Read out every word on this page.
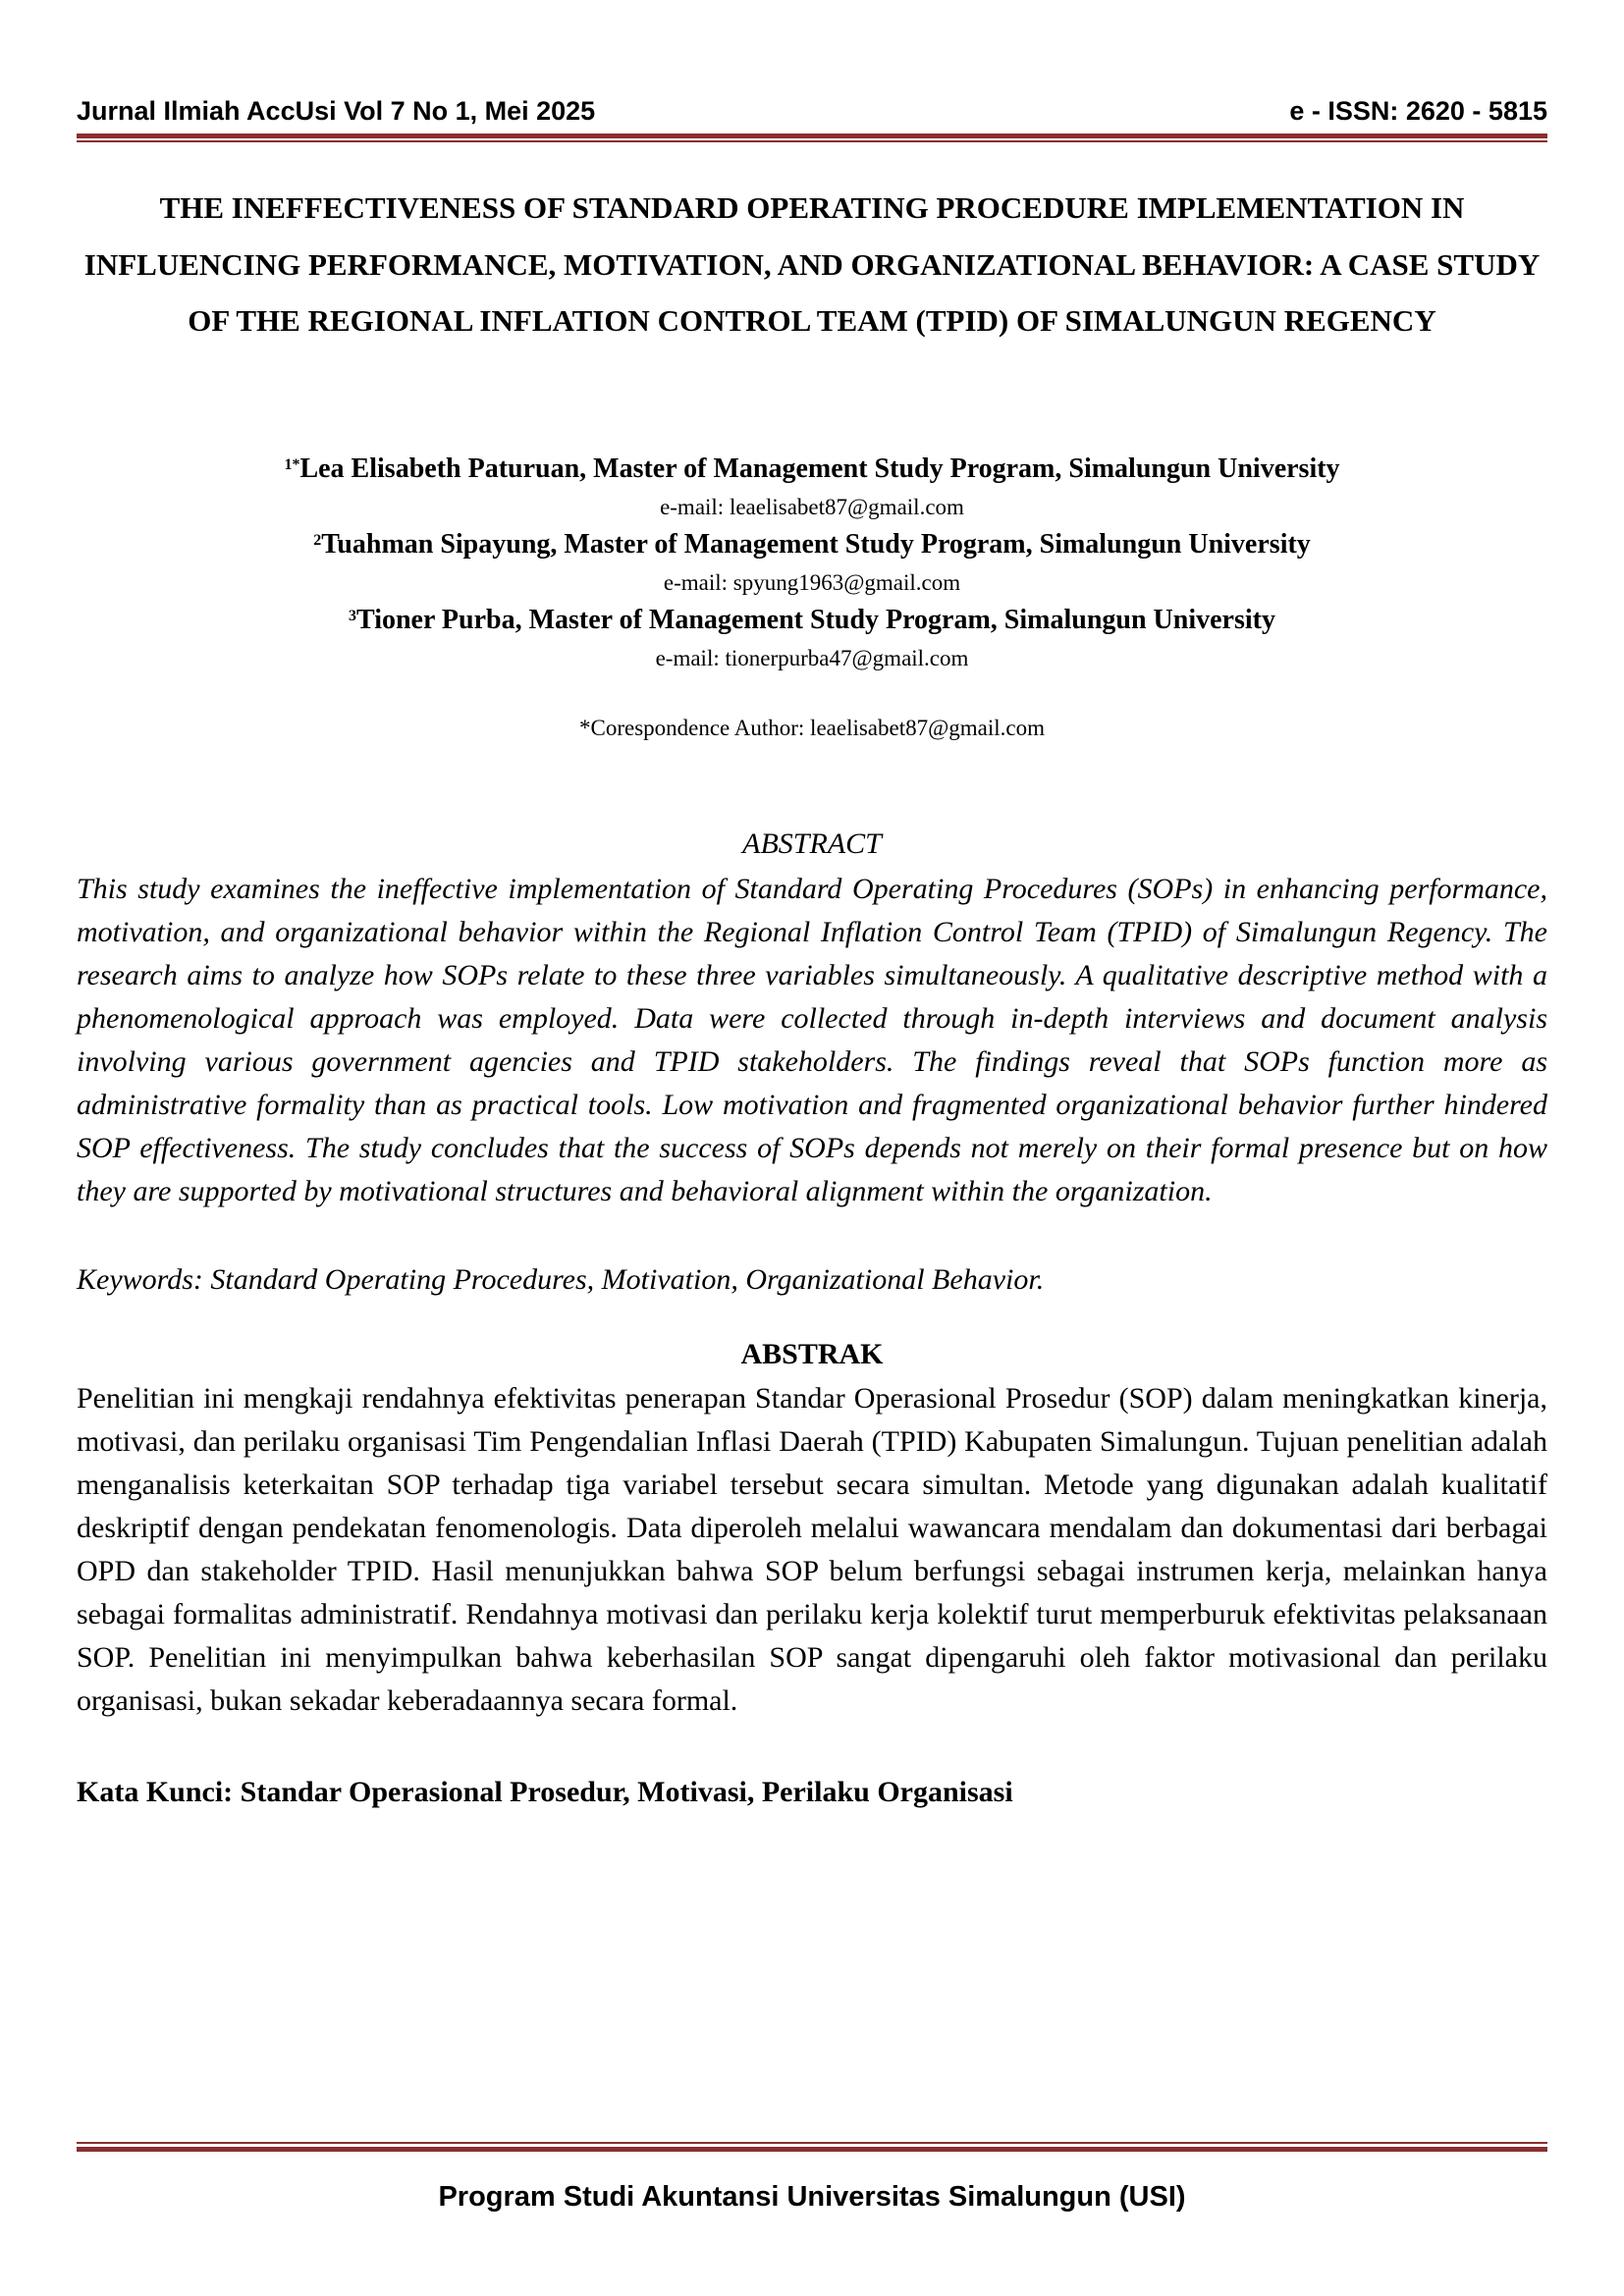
Jurnal Ilmiah AccUsi Vol 7 No 1, Mei 2025	e - ISSN: 2620 - 5815
THE INEFFECTIVENESS OF STANDARD OPERATING PROCEDURE IMPLEMENTATION IN INFLUENCING PERFORMANCE, MOTIVATION, AND ORGANIZATIONAL BEHAVIOR: A CASE STUDY OF THE REGIONAL INFLATION CONTROL TEAM (TPID) OF SIMALUNGUN REGENCY
$^{1*}$Lea Elisabeth Paturuan, Master of Management Study Program, Simalungun University
e-mail: leaelisabet87@gmail.com
$^2$Tuahman Sipayung, Master of Management Study Program, Simalungun University
e-mail: spyung1963@gmail.com
$^3$Tioner Purba, Master of Management Study Program, Simalungun University
e-mail: tionerpurba47@gmail.com
*Corespondence Author: leaelisabet87@gmail.com
ABSTRACT

This study examines the ineffective implementation of Standard Operating Procedures (SOPs) in enhancing performance, motivation, and organizational behavior within the Regional Inflation Control Team (TPID) of Simalungun Regency. The research aims to analyze how SOPs relate to these three variables simultaneously. A qualitative descriptive method with a phenomenological approach was employed. Data were collected through in-depth interviews and document analysis involving various government agencies and TPID stakeholders. The findings reveal that SOPs function more as administrative formality than as practical tools. Low motivation and fragmented organizational behavior further hindered SOP effectiveness. The study concludes that the success of SOPs depends not merely on their formal presence but on how they are supported by motivational structures and behavioral alignment within the organization.

Keywords: Standard Operating Procedures, Motivation, Organizational Behavior.
ABSTRAK

Penelitian ini mengkaji rendahnya efektivitas penerapan Standar Operasional Prosedur (SOP) dalam meningkatkan kinerja, motivasi, dan perilaku organisasi Tim Pengendalian Inflasi Daerah (TPID) Kabupaten Simalungun. Tujuan penelitian adalah menganalisis keterkaitan SOP terhadap tiga variabel tersebut secara simultan. Metode yang digunakan adalah kualitatif deskriptif dengan pendekatan fenomenologis. Data diperoleh melalui wawancara mendalam dan dokumentasi dari berbagai OPD dan stakeholder TPID. Hasil menunjukkan bahwa SOP belum berfungsi sebagai instrumen kerja, melainkan hanya sebagai formalitas administratif. Rendahnya motivasi dan perilaku kerja kolektif turut memperburuk efektivitas pelaksanaan SOP. Penelitian ini menyimpulkan bahwa keberhasilan SOP sangat dipengaruhi oleh faktor motivasional dan perilaku organisasi, bukan sekadar keberadaannya secara formal.

Kata Kunci: Standar Operasional Prosedur, Motivasi, Perilaku Organisasi
Program Studi Akuntansi Universitas Simalungun (USI)
